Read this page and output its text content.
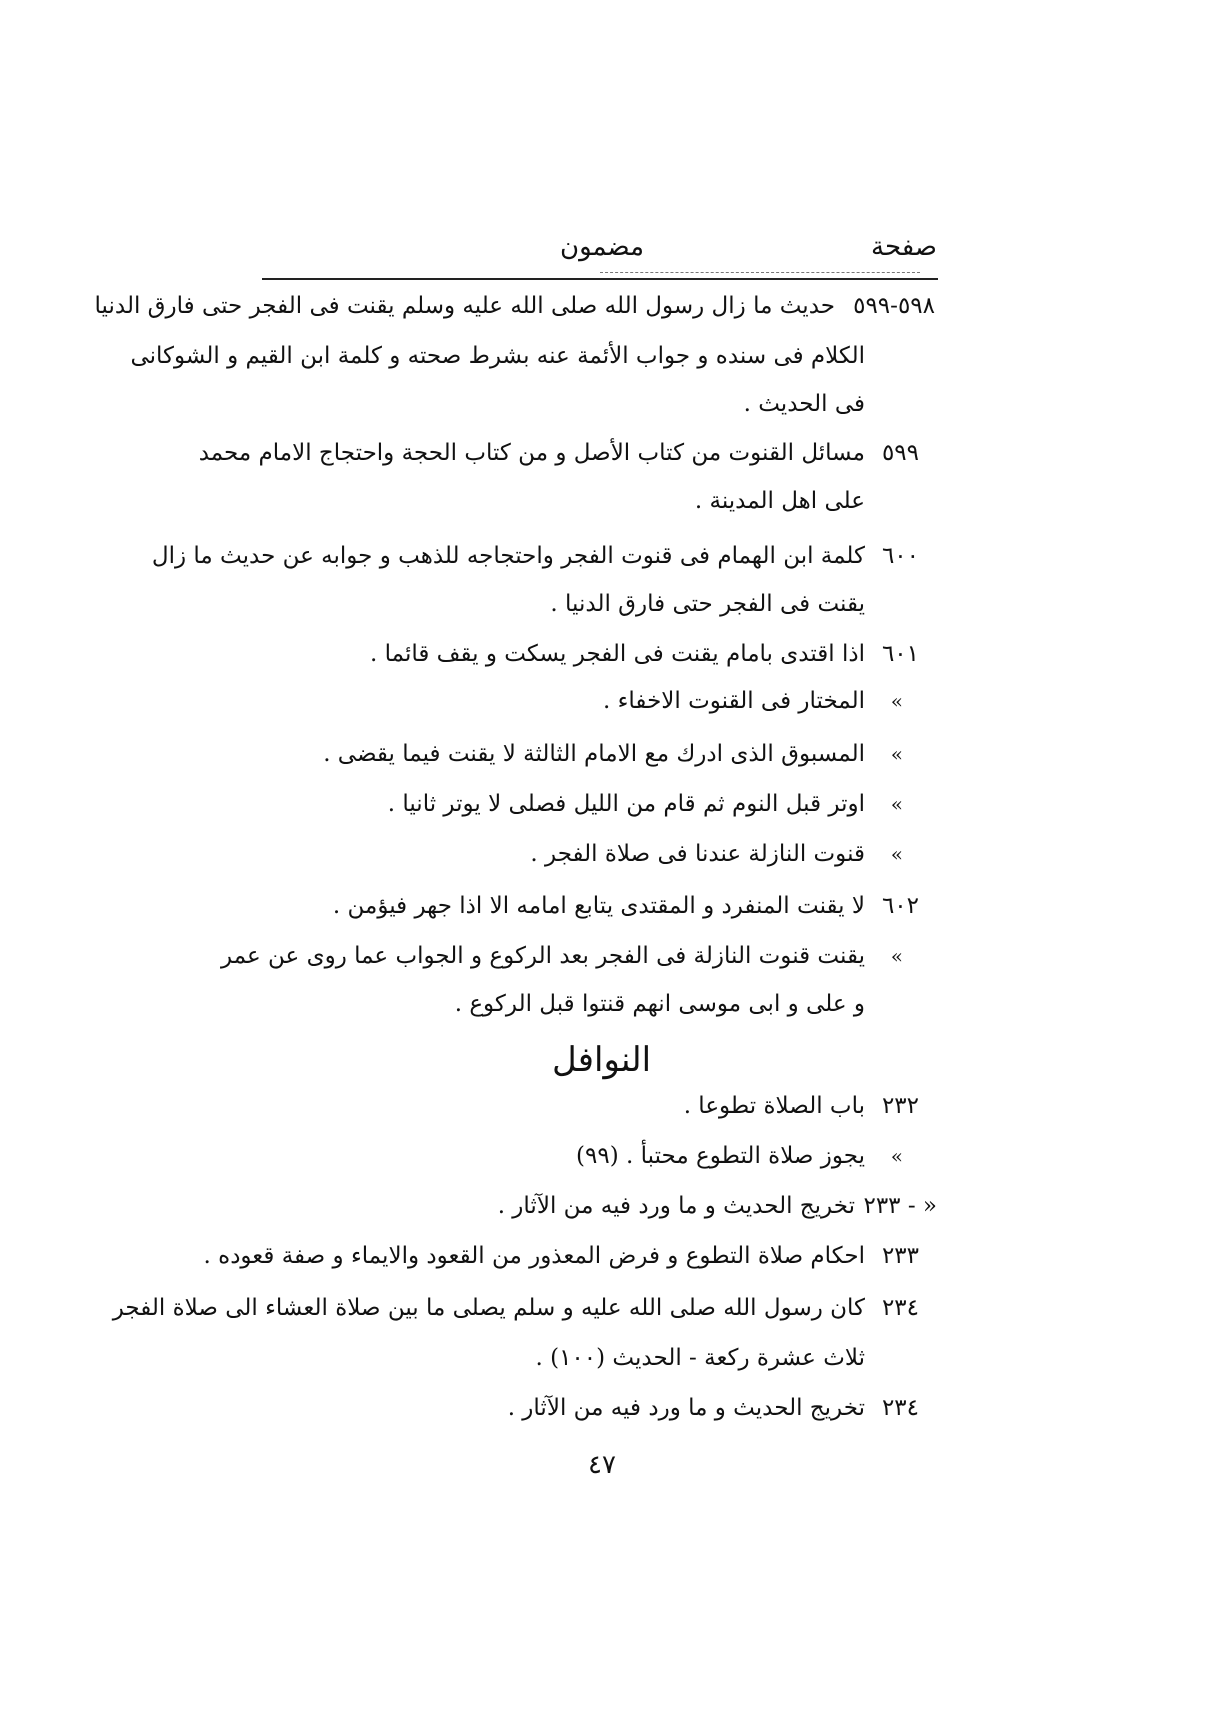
صفحة
مضمون
٥٩٨-٥٩٩
حديث ما زال رسول الله صلى الله عليه وسلم يقنت فى الفجر حتى فارق الدنيا
الكلام فى سنده و جواب الأئمة عنه بشرط صحته و كلمة ابن القيم و الشوكانى
فى الحديث .
٥٩٩
مسائل القنوت من كتاب الأصل و من كتاب الحجة واحتجاج الامام محمد
على اهل المدينة .
٦٠٠
كلمة ابن الهمام فى قنوت الفجر واحتجاجه للذهب و جوابه عن حديث ما زال
يقنت فى الفجر حتى فارق الدنيا .
٦٠١
اذا اقتدى بامام يقنت فى الفجر يسكت و يقف قائما .
«
المختار فى القنوت الاخفاء .
«
المسبوق الذى ادرك مع الامام الثالثة لا يقنت فيما يقضى .
«
اوتر قبل النوم ثم قام من الليل فصلى لا يوتر ثانيا .
«
قنوت النازلة عندنا فى صلاة الفجر .
٦٠٢
لا يقنت المنفرد و المقتدى يتابع امامه الا اذا جهر فيؤمن .
«
يقنت قنوت النازلة فى الفجر بعد الركوع و الجواب عما روى عن عمر
و على و ابى موسى انهم قنتوا قبل الركوع .
النوافل
٢٣٢
باب الصلاة تطوعا .
«
يجوز صلاة التطوع محتبأ . (٩٩)
« - ٢٣٣
تخريج الحديث و ما ورد فيه من الآثار .
٢٣٣
احكام صلاة التطوع و فرض المعذور من القعود والايماء و صفة قعوده .
٢٣٤
كان رسول الله صلى الله عليه و سلم يصلى ما بين صلاة العشاء الى صلاة الفجر
ثلاث عشرة ركعة - الحديث (١٠٠) .
٢٣٤
تخريج الحديث و ما ورد فيه من الآثار .
٤٧
